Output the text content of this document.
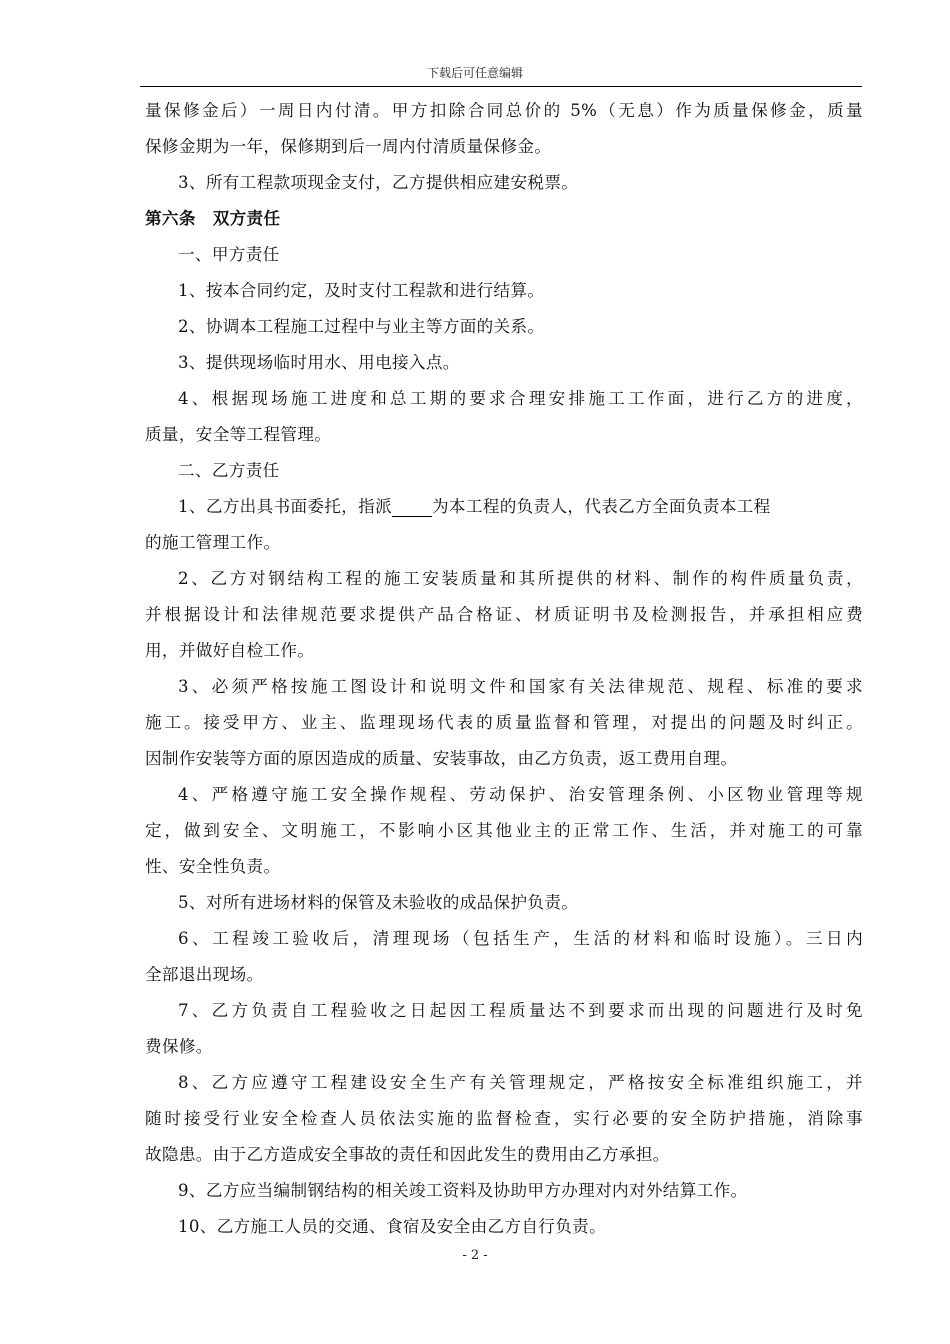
下载后可任意编辑
量保修金后）一周日内付清。甲方扣除合同总价的 5%（无息）作为质量保修金，质量
保修金期为一年，保修期到后一周内付清质量保修金。
3、所有工程款项现金支付，乙方提供相应建安税票。
第六条　双方责任
一、甲方责任
1、按本合同约定，及时支付工程款和进行结算。
2、协调本工程施工过程中与业主等方面的关系。
3、提供现场临时用水、用电接入点。
4、根据现场施工进度和总工期的要求合理安排施工工作面，进行乙方的进度，
质量，安全等工程管理。
二、乙方责任
1、乙方出具书面委托，指派 为本工程的负责人，代表乙方全面负责本工程
的施工管理工作。
2、乙方对钢结构工程的施工安装质量和其所提供的材料、制作的构件质量负责，
并根据设计和法律规范要求提供产品合格证、材质证明书及检测报告，并承担相应费
用，并做好自检工作。
3、必须严格按施工图设计和说明文件和国家有关法律规范、规程、标准的要求
施工。接受甲方、业主、监理现场代表的质量监督和管理，对提出的问题及时纠正。
因制作安装等方面的原因造成的质量、安装事故，由乙方负责，返工费用自理。
4、严格遵守施工安全操作规程、劳动保护、治安管理条例、小区物业管理等规
定，做到安全、文明施工，不影响小区其他业主的正常工作、生活，并对施工的可靠
性、安全性负责。
5、对所有进场材料的保管及未验收的成品保护负责。
6、工程竣工验收后，清理现场（包括生产，生活的材料和临时设施）。三日内
全部退出现场。
7、乙方负责自工程验收之日起因工程质量达不到要求而出现的问题进行及时免
费保修。
8、乙方应遵守工程建设安全生产有关管理规定，严格按安全标准组织施工，并
随时接受行业安全检查人员依法实施的监督检查，实行必要的安全防护措施，消除事
故隐患。由于乙方造成安全事故的责任和因此发生的费用由乙方承担。
9、乙方应当编制钢结构的相关竣工资料及协助甲方办理对内对外结算工作。
10、乙方施工人员的交通、食宿及安全由乙方自行负责。
- 2 -
